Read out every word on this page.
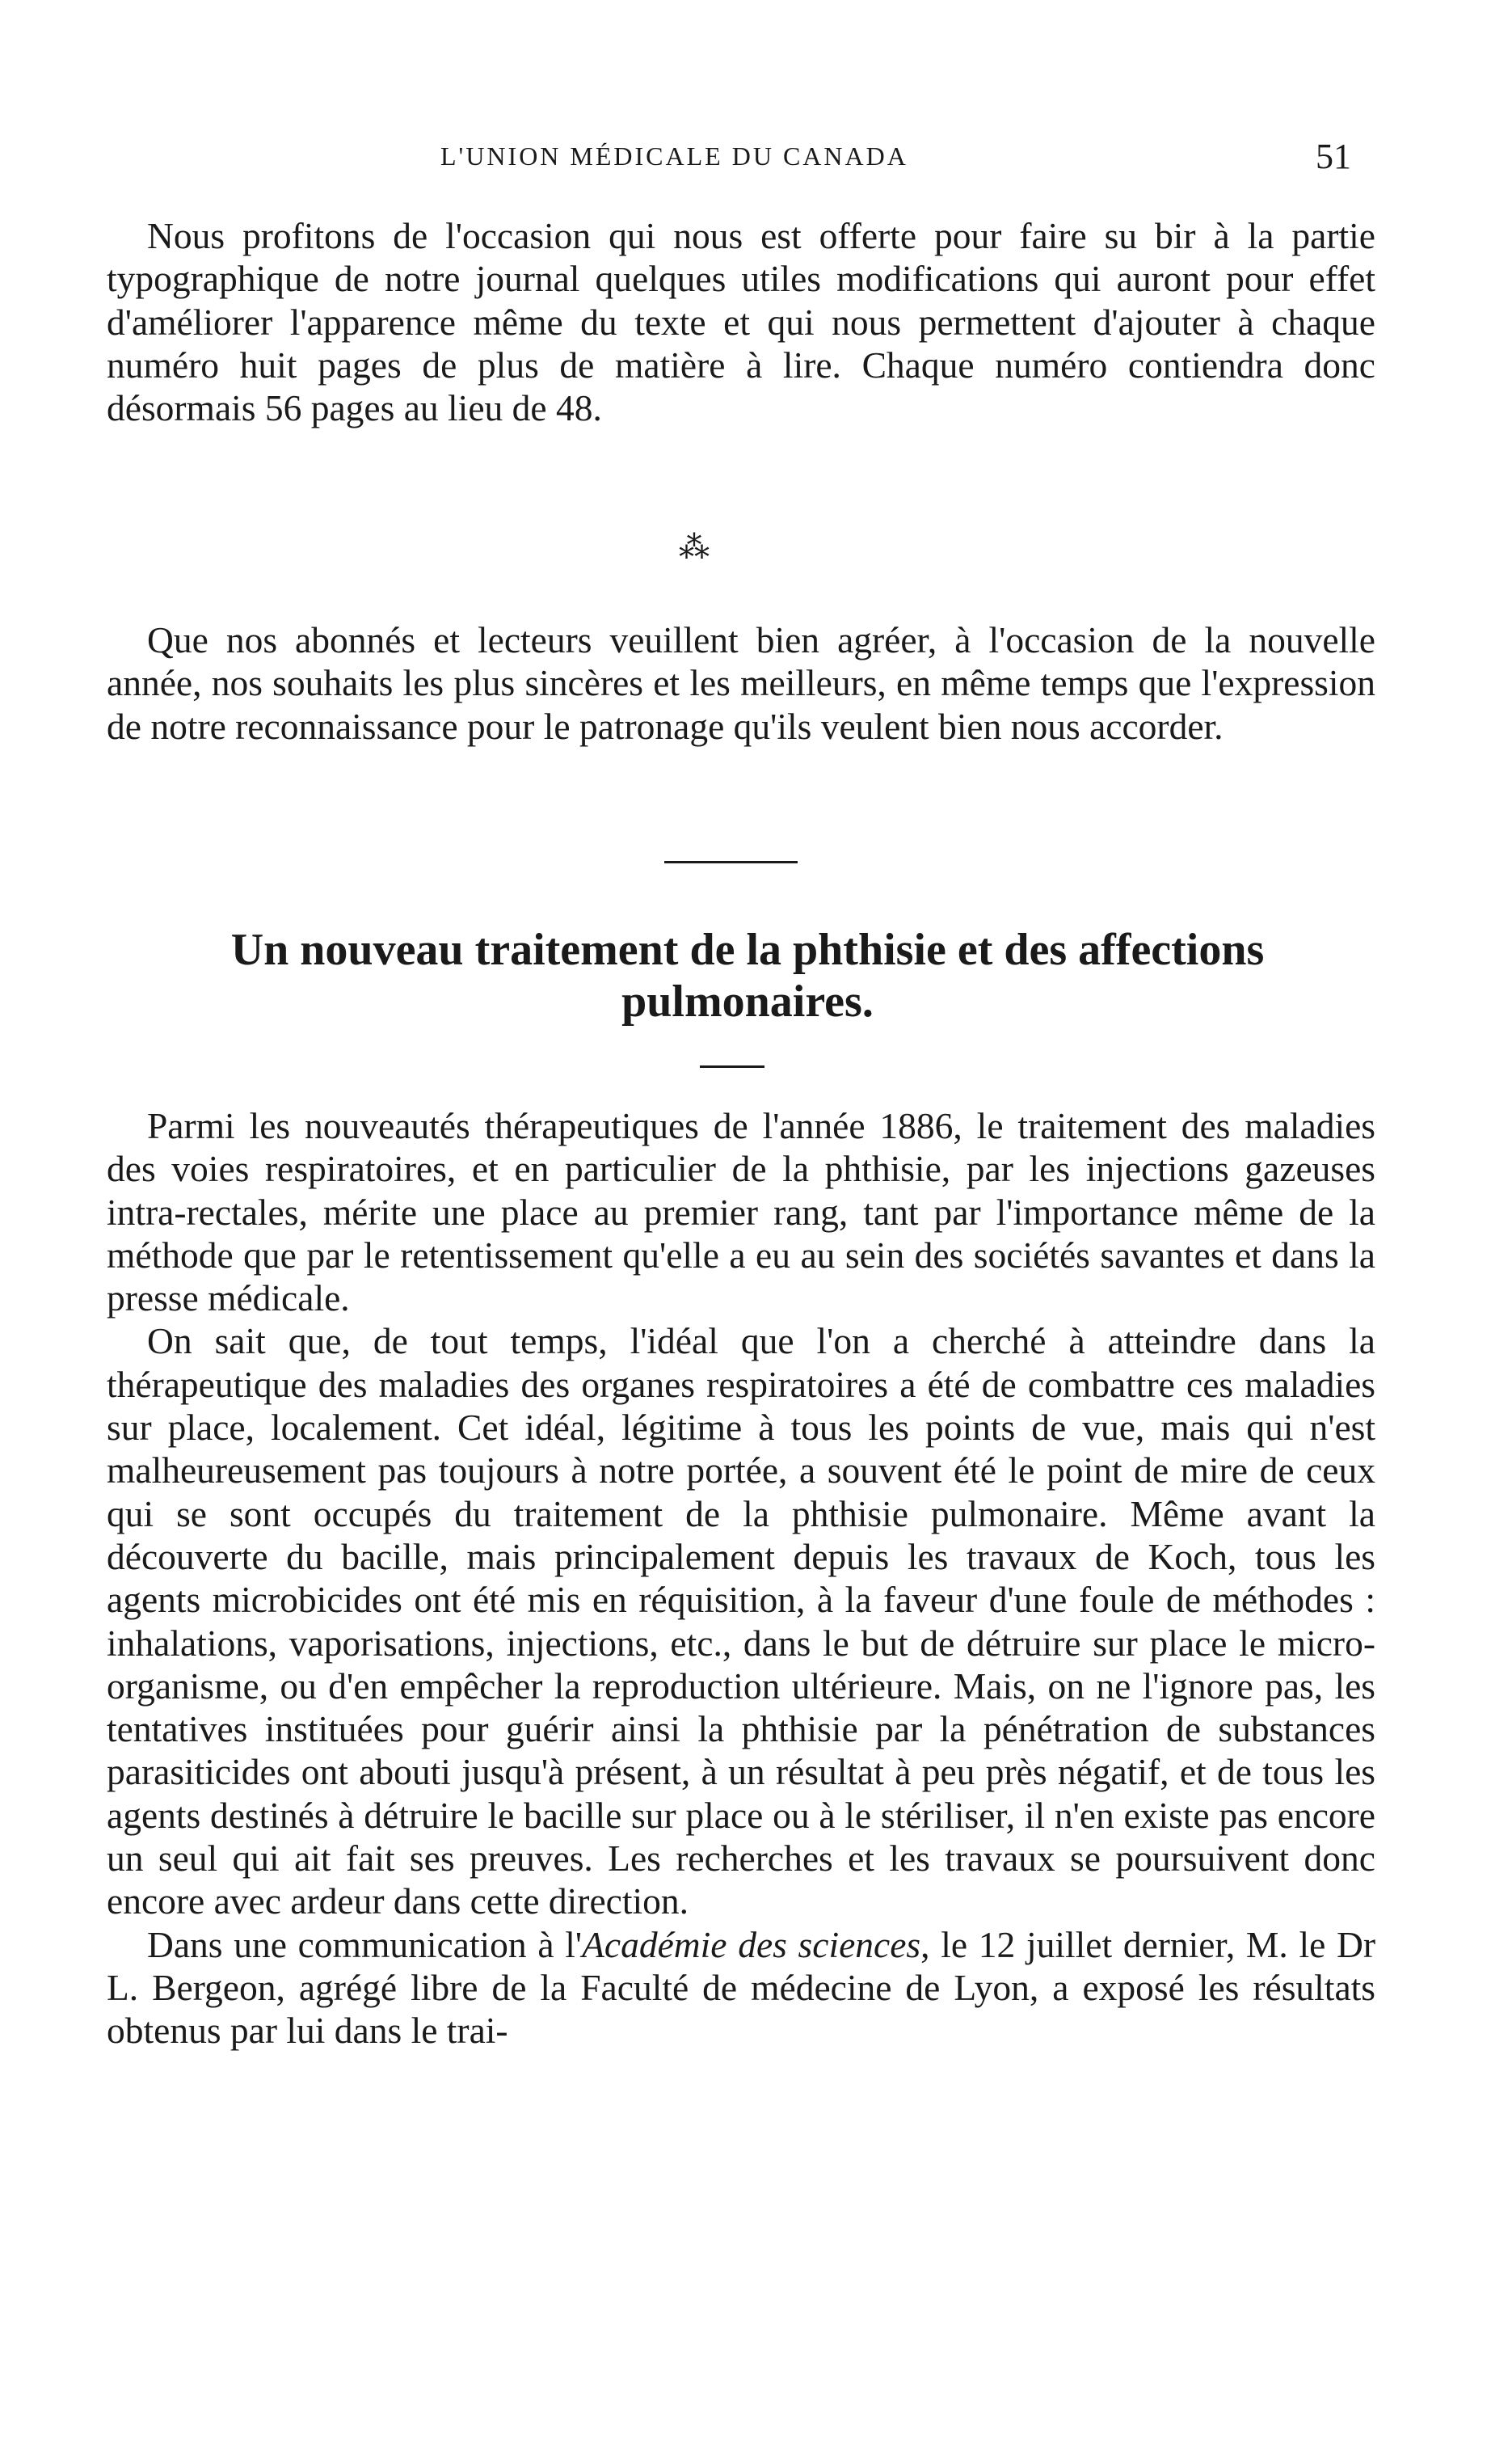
L'UNION MÉDICALE DU CANADA	51

Nous profitons de l'occasion qui nous est offerte pour faire su bir à la partie typographique de notre journal quelques utiles modifications qui auront pour effet d'améliorer l'apparence même du texte et qui nous permettent d'ajouter à chaque numéro huit pages de plus de matière à lire. Chaque numéro contiendra donc désormais 56 pages au lieu de 48.

⁂

Que nos abonnés et lecteurs veuillent bien agréer, à l'occasion de la nouvelle année, nos souhaits les plus sincères et les meilleurs, en même temps que l'expression de notre reconnaissance pour le patronage qu'ils veulent bien nous accorder.

Un nouveau traitement de la phthisie et des affections pulmonaires.

Parmi les nouveautés thérapeutiques de l'année 1886, le traitement des maladies des voies respiratoires, et en particulier de la phthisie, par les injections gazeuses intra-rectales, mérite une place au premier rang, tant par l'importance même de la méthode que par le retentissement qu'elle a eu au sein des sociétés savantes et dans la presse médicale.

On sait que, de tout temps, l'idéal que l'on a cherché à atteindre dans la thérapeutique des maladies des organes respiratoires a été de combattre ces maladies sur place, localement. Cet idéal, légitime à tous les points de vue, mais qui n'est malheureusement pas toujours à notre portée, a souvent été le point de mire de ceux qui se sont occupés du traitement de la phthisie pulmonaire. Même avant la découverte du bacille, mais principalement depuis les travaux de Koch, tous les agents microbicides ont été mis en réquisition, à la faveur d'une foule de méthodes : inhalations, vaporisations, injections, etc., dans le but de détruire sur place le micro-organisme, ou d'en empêcher la reproduction ultérieure. Mais, on ne l'ignore pas, les tentatives instituées pour guérir ainsi la phthisie par la pénétration de substances parasiticides ont abouti jusqu'à présent, à un résultat à peu près négatif, et de tous les agents destinés à détruire le bacille sur place ou à le stériliser, il n'en existe pas encore un seul qui ait fait ses preuves. Les recherches et les travaux se poursuivent donc encore avec ardeur dans cette direction.

Dans une communication à l'Académie des sciences, le 12 juillet dernier, M. le Dr L. Bergeon, agrégé libre de la Faculté de médecine de Lyon, a exposé les résultats obtenus par lui dans le trai-
